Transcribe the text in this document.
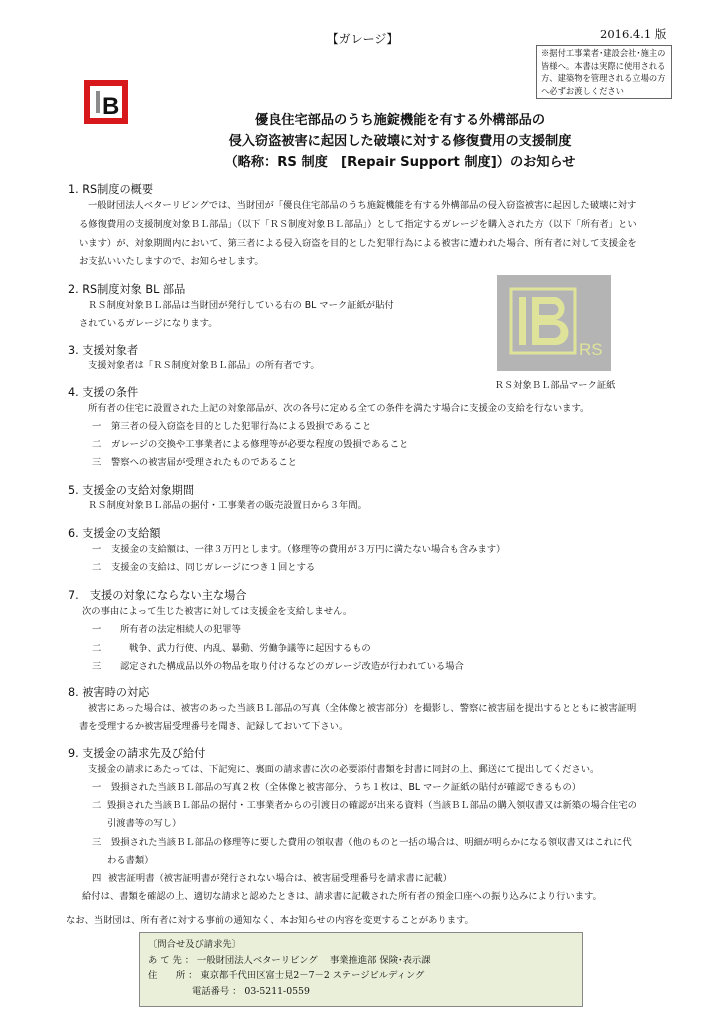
【ガレージ】	2016.4.1 版
※据付工事業者･建設会社･施主の皆様へ。本書は実際に使用される方、建築物を管理される立場の方へ必ずお渡しください
B
優良住宅部品のうち施錠機能を有する外構部品の
侵入窃盗被害に起因した破壊に対する修復費用の支援制度
（略称：RS 制度　[Repair Support 制度]）のお知らせ
1. RS制度の概要
一般財団法人ベターリビングでは、当財団が「優良住宅部品のうち施錠機能を有する外構部品の侵入窃盗被害に起因した破壊に対す
る修復費用の支援制度対象ＢＬ部品」（以下「ＲＳ制度対象ＢＬ部品」）として指定するガレージを購入された方（以下「所有者」とい
います）が、対象期間内において、第三者による侵入窃盗を目的とした犯罪行為による被害に遭われた場合、所有者に対して支援金を
お支払いいたしますので、お知らせします。
2. RS制度対象 BL 部品
ＲＳ制度対象ＢＬ部品は当財団が発行している右の BL マーク証紙が貼付
されているガレージになります。
RS
ＲＳ対象ＢＬ部品マーク証紙
3. 支援対象者
支援対象者は「ＲＳ制度対象ＢＬ部品」の所有者です。
4. 支援の条件
所有者の住宅に設置された上記の対象部品が、次の各号に定める全ての条件を満たす場合に支援金の支給を行ないます。
一 第三者の侵入窃盗を目的とした犯罪行為による毀損であること
二 ガレージの交換や工事業者による修理等が必要な程度の毀損であること
三 警察への被害届が受理されたものであること
5. 支援金の支給対象期間
ＲＳ制度対象ＢＬ部品の据付・工事業者の販売設置日から３年間。
6. 支援金の支給額
一 支援金の支給額は、一律３万円とします。（修理等の費用が３万円に満たない場合も含みます）
二 支援金の支給は、同じガレージにつき１回とする
7.　支援の対象にならない主な場合
次の事由によって生じた被害に対しては支援金を支給しません。
一 所有者の法定相続人の犯罪等
二	戦争、武力行使、内乱、暴動、労働争議等に起因するもの
三 認定された構成品以外の物品を取り付けるなどのガレージ改造が行われている場合
8. 被害時の対応
被害にあった場合は、被害のあった当該ＢＬ部品の写真（全体像と被害部分）を撮影し、警察に被害届を提出するとともに被害証明
書を受理するか被害届受理番号を聞き、記録しておいて下さい。
9. 支援金の請求先及び給付
支援金の請求にあたっては、下記宛に、裏面の請求書に次の必要添付書類を封書に同封の上、郵送にて提出してください。
一 毀損された当該ＢＬ部品の写真２枚（全体像と被害部分、うち１枚は、BL マーク証紙の貼付が確認できるもの）
二 毀損された当該ＢＬ部品の据付・工事業者からの引渡日の確認が出来る資料（当該ＢＬ部品の購入領収書又は新築の場合住宅の
引渡書等の写し）
三 毀損された当該ＢＬ部品の修理等に要した費用の領収書（他のものと一括の場合は、明細が明らかになる領収書又はこれに代
わる書類）
四 被害証明書（被害証明書が発行されない場合は、被害届受理番号を請求書に記載）
給付は、書類を確認の上、適切な請求と認めたときは、請求書に記載された所有者の預金口座への振り込みにより行います。
なお、当財団は、所有者に対する事前の通知なく、本お知らせの内容を変更することがあります。
〔問合せ及び請求先〕
あ て 先 ： 一般財団法人ベターリビング　 事業推進部 保険･表示課
住　　所 ： 東京都千代田区富士見2－7－2 ステージビルディング
電話番号 ： 03-5211-0559
